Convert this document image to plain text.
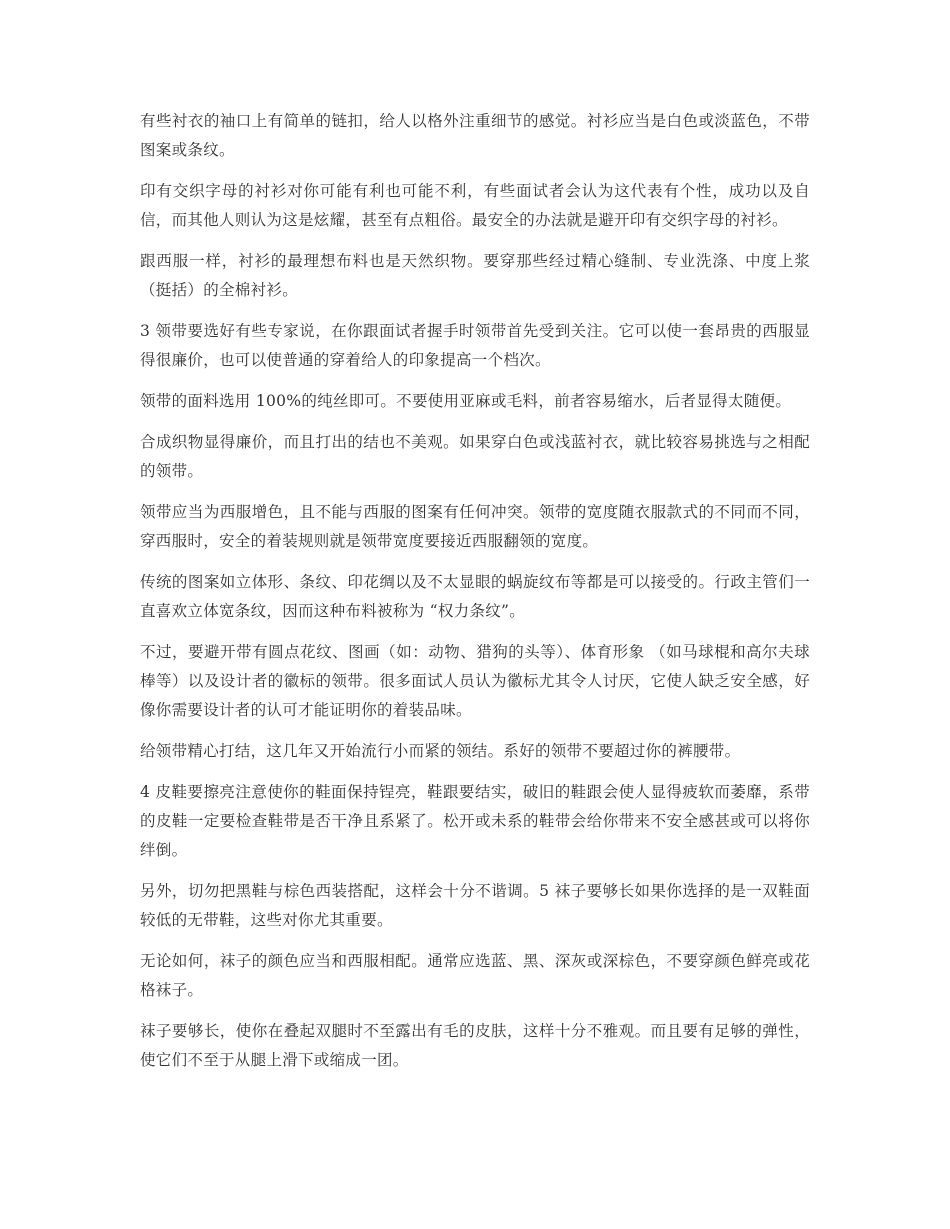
有些衬衣的袖口上有简单的链扣，给人以格外注重细节的感觉。衬衫应当是白色或淡蓝色，不带图案或条纹。

印有交织字母的衬衫对你可能有利也可能不利，有些面试者会认为这代表有个性，成功以及自信，而其他人则认为这是炫耀，甚至有点粗俗。最安全的办法就是避开印有交织字母的衬衫。

跟西服一样，衬衫的最理想布料也是天然织物。要穿那些经过精心缝制、专业洗涤、中度上浆 （挺括）的全棉衬衫。

3 领带要选好有些专家说，在你跟面试者握手时领带首先受到关注。它可以使一套昂贵的西服显得很廉价，也可以使普通的穿着给人的印象提高一个档次。

领带的面料选用 100%的纯丝即可。不要使用亚麻或毛料，前者容易缩水，后者显得太随便。

合成织物显得廉价，而且打出的结也不美观。如果穿白色或浅蓝衬衣，就比较容易挑选与之相配的领带。

领带应当为西服增色，且不能与西服的图案有任何冲突。领带的宽度随衣服款式的不同而不同，穿西服时，安全的着装规则就是领带宽度要接近西服翻领的宽度。

传统的图案如立体形、条纹、印花绸以及不太显眼的蜗旋纹布等都是可以接受的。行政主管们一直喜欢立体宽条纹，因而这种布料被称为 “权力条纹”。

不过，要避开带有圆点花纹、图画（如：动物、猎狗的头等）、体育形象 （如马球棍和高尔夫球棒等）以及设计者的徽标的领带。很多面试人员认为徽标尤其令人讨厌，它使人缺乏安全感，好像你需要设计者的认可才能证明你的着装品味。

给领带精心打结，这几年又开始流行小而紧的领结。系好的领带不要超过你的裤腰带。

4 皮鞋要擦亮注意使你的鞋面保持锃亮，鞋跟要结实，破旧的鞋跟会使人显得疲软而萎靡，系带的皮鞋一定要检查鞋带是否干净且系紧了。松开或未系的鞋带会给你带来不安全感甚或可以将你绊倒。

另外，切勿把黑鞋与棕色西装搭配，这样会十分不谐调。5 袜子要够长如果你选择的是一双鞋面较低的无带鞋，这些对你尤其重要。

无论如何，袜子的颜色应当和西服相配。通常应选蓝、黑、深灰或深棕色，不要穿颜色鲜亮或花格袜子。

袜子要够长，使你在叠起双腿时不至露出有毛的皮肤，这样十分不雅观。而且要有足够的弹性，使它们不至于从腿上滑下或缩成一团。
